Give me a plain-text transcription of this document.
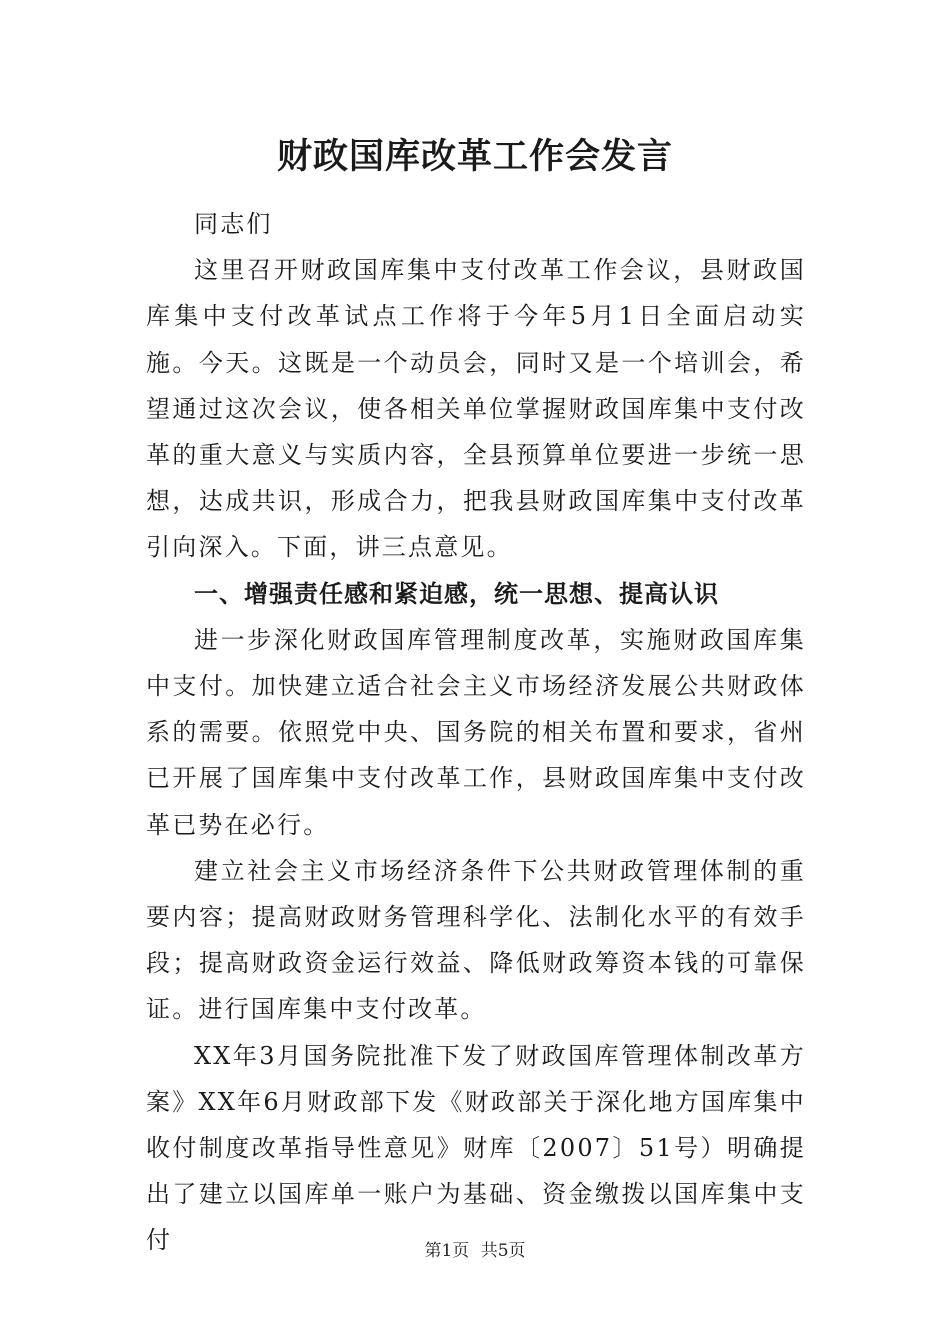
财政国库改革工作会发言

同志们

这里召开财政国库集中支付改革工作会议，县财政国库集中支付改革试点工作将于今年5月1日全面启动实施。今天。这既是一个动员会，同时又是一个培训会，希望通过这次会议，使各相关单位掌握财政国库集中支付改革的重大意义与实质内容，全县预算单位要进一步统一思想，达成共识，形成合力，把我县财政国库集中支付改革引向深入。下面，讲三点意见。

一、增强责任感和紧迫感，统一思想、提高认识

进一步深化财政国库管理制度改革，实施财政国库集中支付。加快建立适合社会主义市场经济发展公共财政体系的需要。依照党中央、国务院的相关布置和要求，省州已开展了国库集中支付改革工作，县财政国库集中支付改革已势在必行。

建立社会主义市场经济条件下公共财政管理体制的重要内容；提高财政财务管理科学化、法制化水平的有效手段；提高财政资金运行效益、降低财政筹资本钱的可靠保证。进行国库集中支付改革。

XX年3月国务院批准下发了财政国库管理体制改革方案》XX年6月财政部下发《财政部关于深化地方国库集中收付制度改革指导性意见》财库〔2007〕51号）明确提出了建立以国库单一账户为基础、资金缴拨以国库集中支付	第1页 共5页
